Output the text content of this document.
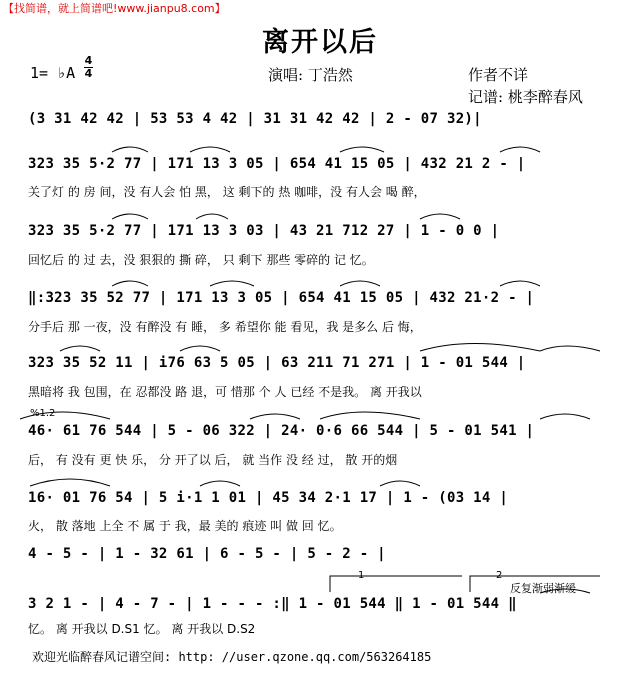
【找简谱，就上简谱吧!www.jianpu8.com】
离开以后
1= ♭A
4
4	演唱: 丁浩然	作者不详
记谱: 桃李醉春风
(3 31 42 42 | 53 53 4 42 | 31 31 42 42 | 2 - 07 32)|
323 35 5·2 77 | 171 13 3 05 | 654 41 15 05 | 432 21 2 - |
关了灯 的 房 间，没 有人会 怕 黑， 这 剩下的 热 咖啡，没 有人会 喝 醉，
323 35 5·2 77 | 171 13 3 03 | 43 21 712 27 | 1 - 0 0 |
回忆后 的 过 去，没 狠狠的 撕 碎， 只 剩下 那些 零碎的 记 忆。
‖:323 35 52 77 | 171 13 3 05 | 654 41 15 05 | 432 21·2 - |
分手后 那 一夜，没 有醉没 有 睡， 多 希望你 能 看见，我 是多么 后 悔，
323 35 52 11 | i76 63 5 05 | 63 211 71 271 | 1 - 01 544 |
黑暗将 我 包围，在 忍都没 路 退，可 惜那 个 人 已经 不是我。 离 开我以
%1.2
46· 61 76 544 | 5 - 06 322 | 24· 0·6 66 544 | 5 - 01 541 |
后， 有 没有 更 快 乐， 分 开了以 后， 就 当作 没 经 过， 散 开的烟
16· 01 76 54 | 5 i·1 1 01 | 45 34 2·1 17 | 1 - (03 14 |
火， 散 落地 上全 不 属 于 我，最 美的 痕迹 叫 做 回 忆。
4 - 5 - | 1 - 32 61 | 6 - 5 - | 5 - 2 - |
1	2
反复渐弱渐缓
3 2 1 - | 4 - 7 - | 1 - - - :‖ 1 - 01 544 ‖ 1 - 01 544 ‖
忆。 离 开我以 D.S1 忆。 离 开我以 D.S2
欢迎光临醉春风记谱空间: http: //user.qzone.qq.com/563264185
